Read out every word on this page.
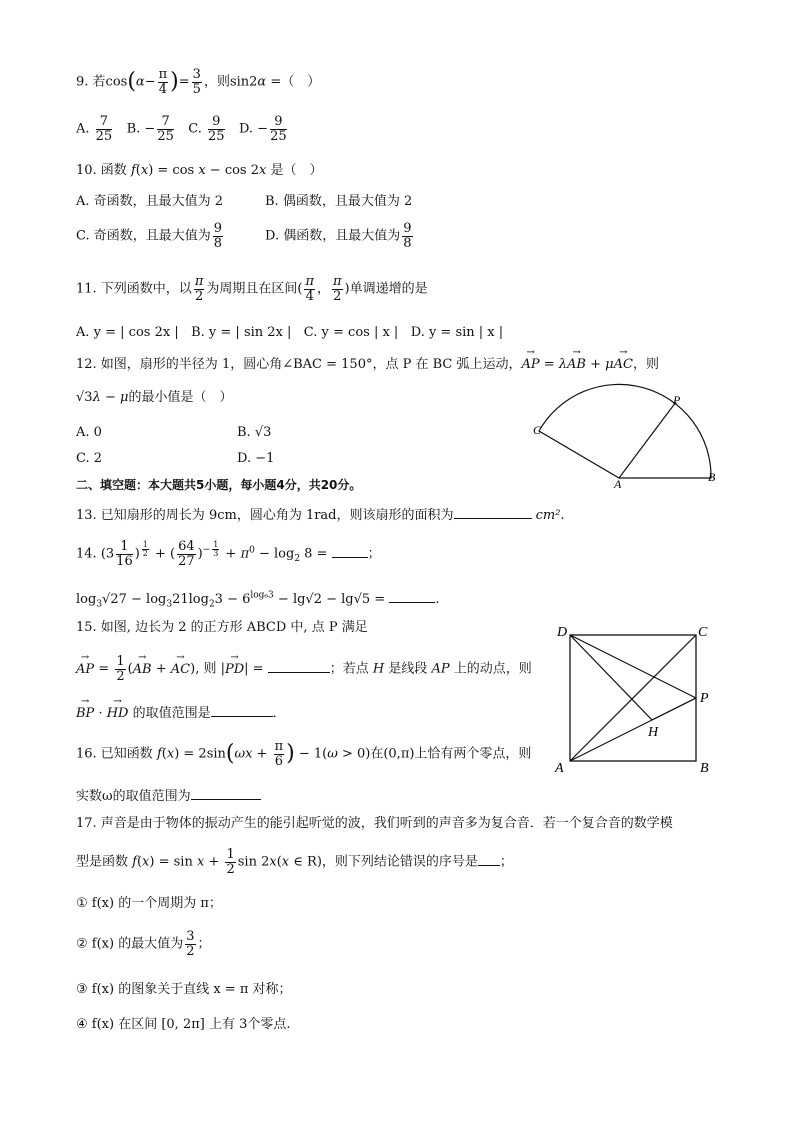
9. 若$\cos(\alpha- \frac{\pi}{4}$ )= $\frac{3}{5}$ ，则sin2α =（　）
A. $\frac{7}{25} B$. − $\frac{7}{25} C$. $\frac{9}{25} D$. − $\frac{9}{25}$
10. 函数 f(x) = cos x − cos 2x 是（　）
A. 奇函数，且最大值为 2	B. 偶函数，且最大值为 2
C. 奇函数，且最大值为 $\frac{9}{8}$	D. 偶函数，且最大值为 $\frac{9}{8}$
11. 下列函数中，以 $\frac{\pi}{2}$ 为周期且在区间( $\frac{\pi}{4}$ ， $\frac{\pi}{2}$ )单调递增的是
A. y = | cos 2x | B. y = | sin 2x | C. y = cos | x | D. y = sin | x |
12. 如图，扇形的半径为 1，圆心角∠BAC = 150°，点 P 在 BC 弧上运动，→ AP = λ→ AB + μ→ AC，则
√3λ − μ的最小值是（　）
A. 0	B. √3
C. 2	D. −1
C
P
A	B
二、填空题：本大题共5小题，每小题4分，共20分。
13. 已知扇形的周长为 9cm，圆心角为 1rad，则该扇形的面积为	cm².
14. ($3 \frac{1}{16}$ ) $^{\frac{1}{2}}$ + ( $\frac{64}{27} )^{- \frac{1}{3}} + \pi^0 - \log_2 8$ =	；
$\log_3√27 - \log_321\log_23 - 6^{log_63} - \lg√2 - \lg√5$ =	.
15. 如图, 边长为 2 的正方形 ABCD 中, 点 P 满足
→ AP = $\frac{1}{2}$ (→ AB + → AC), 则 |→ PD| =	；若点 H 是线段 AP 上的动点，则
→ BP · → HD 的取值范围是	．
D	C
P
H
A	B
16. 已知函数 $f(x) = 2\sin(\omega x + \frac{\pi}{6}$ ) − 1(ω > 0)在(0,π)上恰有两个零点，则
实数ω的取值范围为
17. 声音是由于物体的振动产生的能引起听觉的波，我们听到的声音多为复合音．若一个复合音的数学模
型是函数 $f(x) = \sin x + \frac{1}{2}$ sin 2x(x ∈ R)，则下列结论错误的序号是 ；
① f(x) 的一个周期为 π；
② f(x) 的最大值为 $\frac{3}{2}$ ；
③ f(x) 的图象关于直线 x = π 对称；
④ f(x) 在区间 [0, 2π] 上有 3个零点.
